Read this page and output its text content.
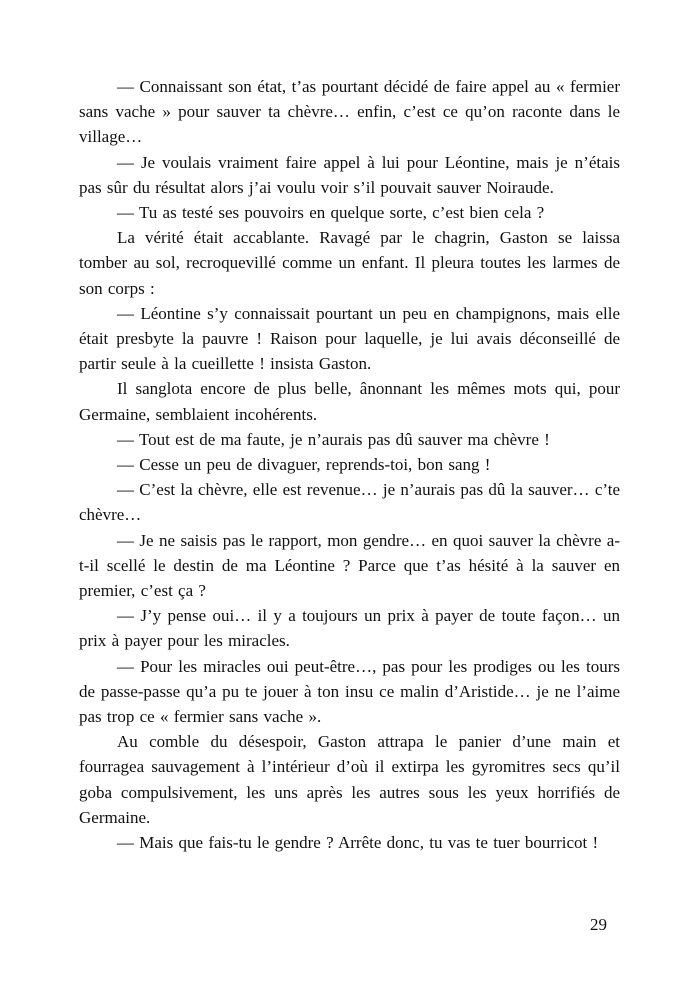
— Connaissant son état, t’as pourtant décidé de faire appel au « fermier sans vache » pour sauver ta chèvre… enfin, c’est ce qu’on raconte dans le village…

— Je voulais vraiment faire appel à lui pour Léontine, mais je n’étais pas sûr du résultat alors j’ai voulu voir s’il pouvait sauver Noiraude.

— Tu as testé ses pouvoirs en quelque sorte, c’est bien cela ?

La vérité était accablante. Ravagé par le chagrin, Gaston se laissa tomber au sol, recroquevillé comme un enfant. Il pleura toutes les larmes de son corps :

— Léontine s’y connaissait pourtant un peu en champignons, mais elle était presbyte la pauvre ! Raison pour laquelle, je lui avais déconseillé de partir seule à la cueillette ! insista Gaston.

Il sanglota encore de plus belle, ânonnant les mêmes mots qui, pour Germaine, semblaient incohérents.

— Tout est de ma faute, je n’aurais pas dû sauver ma chèvre !

— Cesse un peu de divaguer, reprends-toi, bon sang !

— C’est la chèvre, elle est revenue… je n’aurais pas dû la sauver… c’te chèvre…

— Je ne saisis pas le rapport, mon gendre… en quoi sauver la chèvre a-t-il scellé le destin de ma Léontine ? Parce que t’as hésité à la sauver en premier, c’est ça ?

— J’y pense oui… il y a toujours un prix à payer de toute façon… un prix à payer pour les miracles.

— Pour les miracles oui peut-être…, pas pour les prodiges ou les tours de passe-passe qu’a pu te jouer à ton insu ce malin d’Aristide… je ne l’aime pas trop ce « fermier sans vache ».

Au comble du désespoir, Gaston attrapa le panier d’une main et fourragea sauvagement à l’intérieur d’où il extirpa les gyromitres secs qu’il goba compulsivement, les uns après les autres sous les yeux horrifiés de Germaine.

— Mais que fais-tu le gendre ? Arrête donc, tu vas te tuer bourricot !

29
